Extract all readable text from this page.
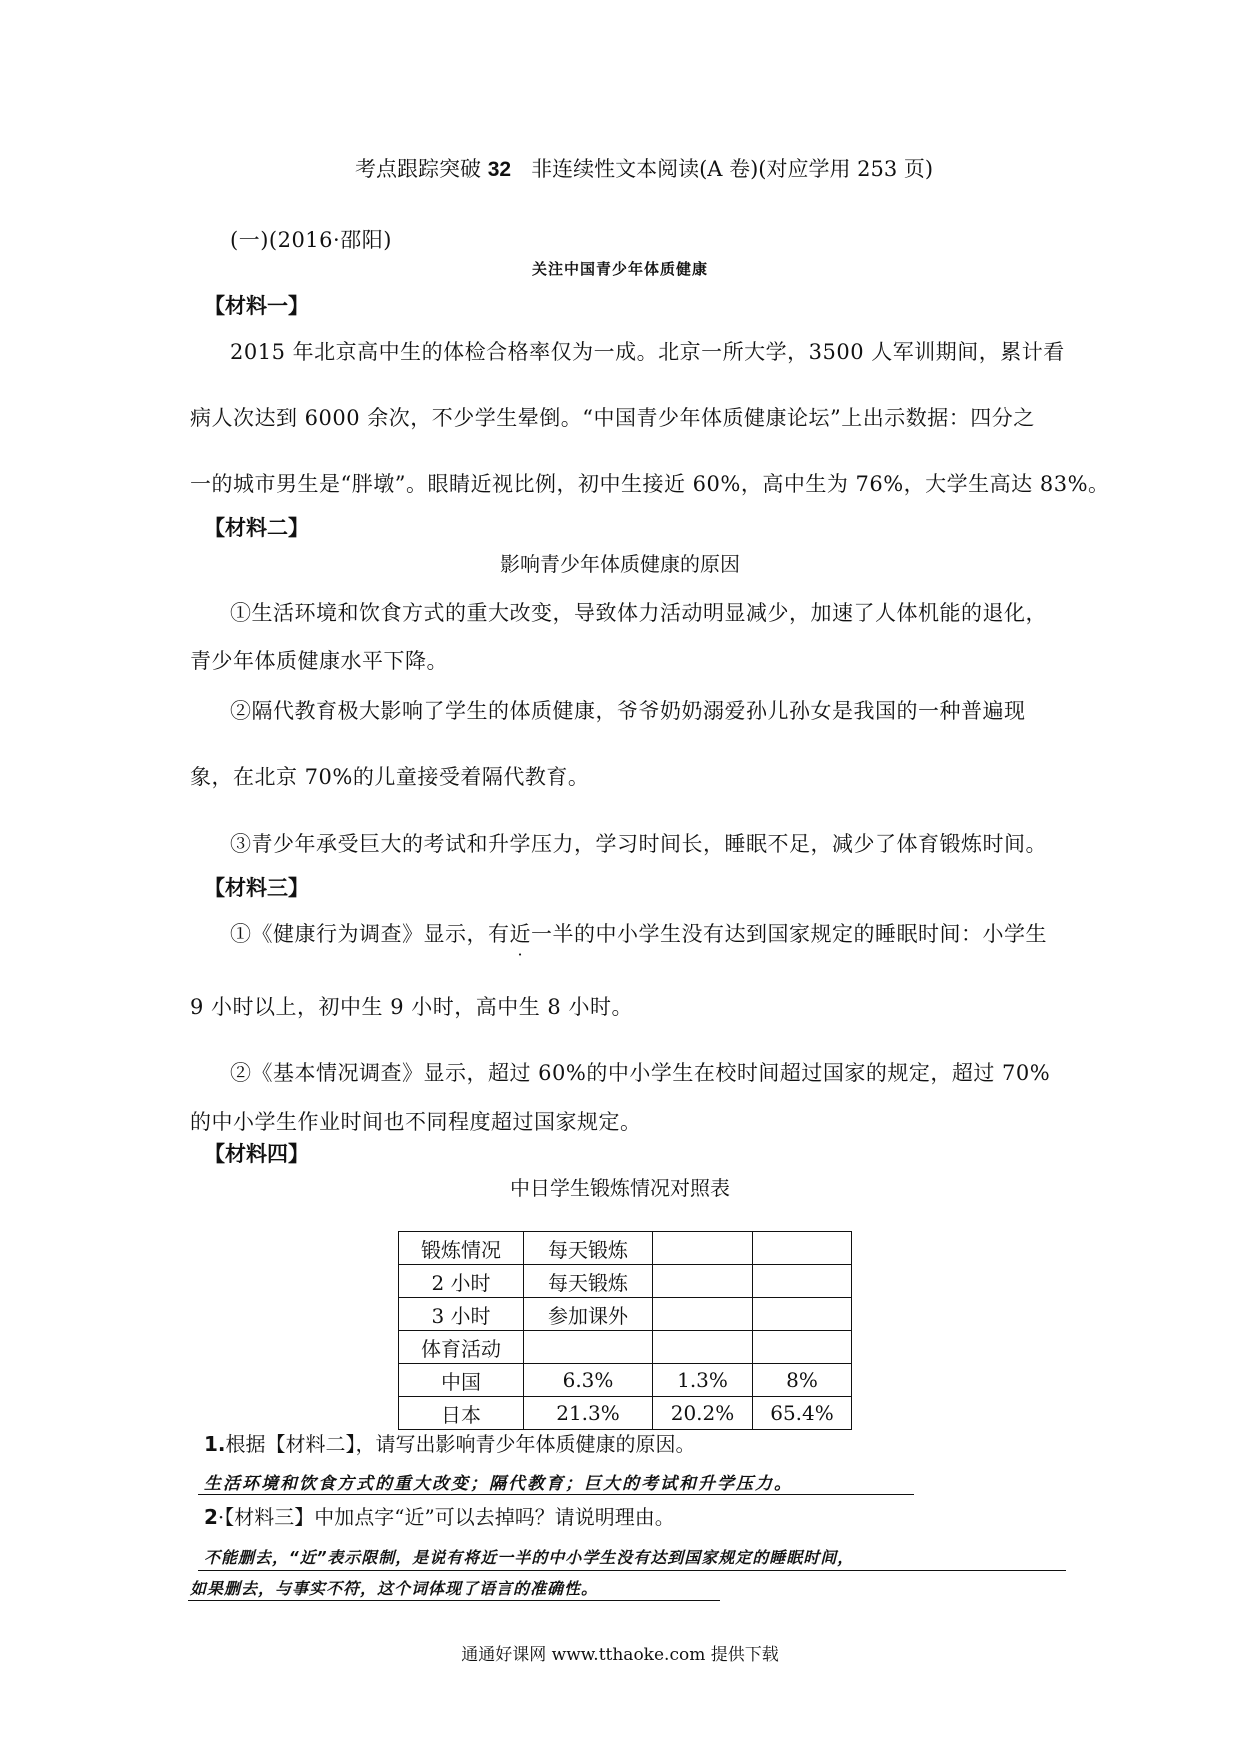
考点跟踪突破 32 非连续性文本阅读(A 卷)(对应学用 253 页)
(一)(2016·邵阳)
关注中国青少年体质健康
【材料一】
2015 年北京高中生的体检合格率仅为一成。北京一所大学，3500 人军训期间，累计看
病人次达到 6000 余次，不少学生晕倒。“中国青少年体质健康论坛”上出示数据：四分之
一的城市男生是“胖墩”。眼睛近视比例，初中生接近 60%，高中生为 76%，大学生高达 83%。
【材料二】
影响青少年体质健康的原因
①生活环境和饮食方式的重大改变，导致体力活动明显减少，加速了人体机能的退化，
青少年体质健康水平下降。
②隔代教育极大影响了学生的体质健康，爷爷奶奶溺爱孙儿孙女是我国的一种普遍现
象，在北京 70%的儿童接受着隔代教育。
③青少年承受巨大的考试和升学压力，学习时间长，睡眠不足，减少了体育锻炼时间。
【材料三】
①《健康行为调查》显示，有近一半的中小学生没有达到国家规定的睡眠时间：小学生
9 小时以上，初中生 9 小时，高中生 8 小时。
②《基本情况调查》显示，超过 60%的中小学生在校时间超过国家的规定，超过 70%
的中小学生作业时间也不同程度超过国家规定。
【材料四】
中日学生锻炼情况对照表
锻炼情况	每天锻炼		
2 小时	每天锻炼		
3 小时	参加课外		
体育活动			
中国	6.3%	1.3%	8%
日本	21.3%	20.2%	65.4%
1.根据【材料二】，请写出影响青少年体质健康的原因。
生活环境和饮食方式的重大改变；隔代教育；巨大的考试和升学压力。
2·【材料三】中加点字“近”可以去掉吗？请说明理由。
不能删去，“近”表示限制，是说有将近一半的中小学生没有达到国家规定的睡眠时间，
如果删去，与事实不符，这个词体现了语言的准确性。
通通好课网 www.tthaoke.com 提供下载
